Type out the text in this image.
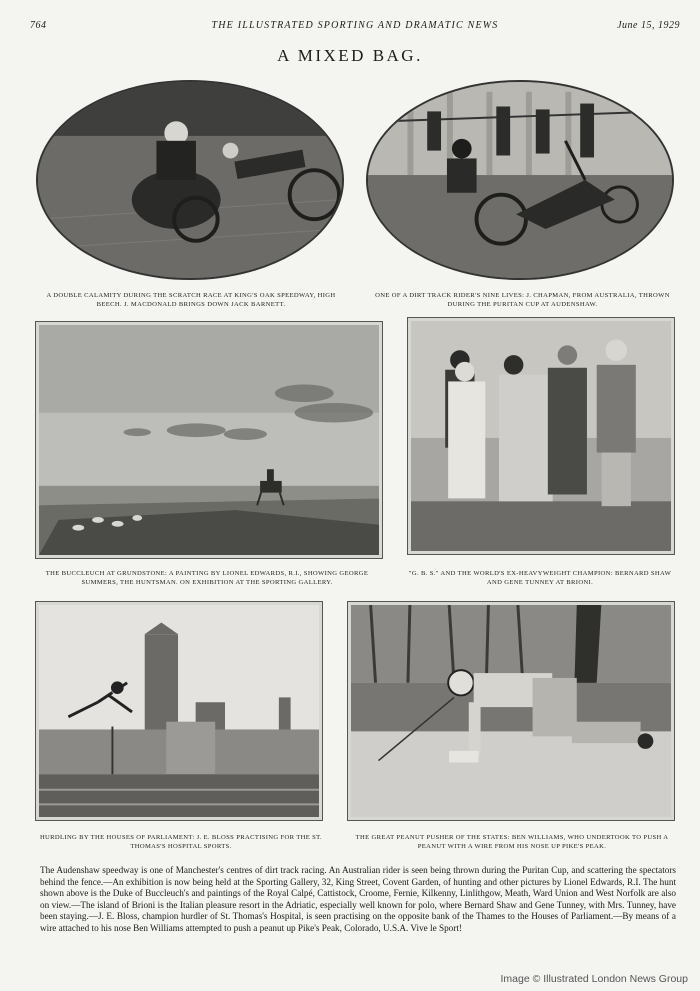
764	THE ILLUSTRATED SPORTING AND DRAMATIC NEWS	June 15, 1929
A MIXED BAG.
A DOUBLE CALAMITY DURING THE SCRATCH RACE AT KING'S OAK SPEEDWAY, HIGH BEECH. J. MACDONALD BRINGS DOWN JACK BARNETT.
ONE OF A DIRT TRACK RIDER'S NINE LIVES: J. CHAPMAN, FROM AUSTRALIA, THROWN DURING THE PURITAN CUP AT AUDENSHAW.
THE BUCCLEUCH AT GRUNDSTONE: A PAINTING BY LIONEL EDWARDS, R.I., SHOWING GEORGE SUMMERS, THE HUNTSMAN. ON EXHIBITION AT THE SPORTING GALLERY.
"G. B. S." AND THE WORLD'S EX-HEAVYWEIGHT CHAMPION: BERNARD SHAW AND GENE TUNNEY AT BRIONI.
HURDLING BY THE HOUSES OF PARLIAMENT: J. E. BLOSS PRACTISING FOR THE ST. THOMAS'S HOSPITAL SPORTS.
THE GREAT PEANUT PUSHER OF THE STATES: BEN WILLIAMS, WHO UNDERTOOK TO PUSH A PEANUT WITH A WIRE FROM HIS NOSE UP PIKE'S PEAK.
The Audenshaw speedway is one of Manchester's centres of dirt track racing. An Australian rider is seen being thrown during the Puritan Cup, and scattering the spectators behind the fence.—An exhibition is now being held at the Sporting Gallery, 32, King Street, Covent Garden, of hunting and other pictures by Lionel Edwards, R.I. The hunt shown above is the Duke of Buccleuch's and paintings of the Royal Calpé, Cattistock, Croome, Fernie, Kilkenny, Linlithgow, Meath, Ward Union and West Norfolk are also on view.—The island of Brioni is the Italian pleasure resort in the Adriatic, especially well known for polo, where Bernard Shaw and Gene Tunney, with Mrs. Tunney, have been staying.—J. E. Bloss, champion hurdler of St. Thomas's Hospital, is seen practising on the opposite bank of the Thames to the Houses of Parliament.—By means of a wire attached to his nose Ben Williams attempted to push a peanut up Pike's Peak, Colorado, U.S.A. Vive le Sport!
Image © Illustrated London News Group
